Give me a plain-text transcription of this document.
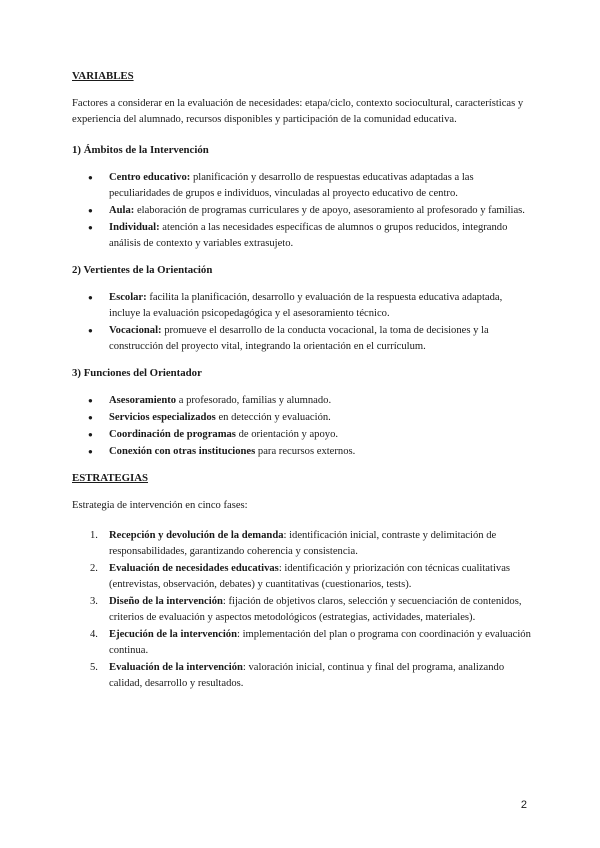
VARIABLES
Factores a considerar en la evaluación de necesidades: etapa/ciclo, contexto sociocultural, características y experiencia del alumnado, recursos disponibles y participación de la comunidad educativa.
1) Ámbitos de la Intervención
● Centro educativo: planificación y desarrollo de respuestas educativas adaptadas a las peculiaridades de grupos e individuos, vinculadas al proyecto educativo de centro.
● Aula: elaboración de programas curriculares y de apoyo, asesoramiento al profesorado y familias.
● Individual: atención a las necesidades específicas de alumnos o grupos reducidos, integrando análisis de contexto y variables extrasujeto.
2) Vertientes de la Orientación
● Escolar: facilita la planificación, desarrollo y evaluación de la respuesta educativa adaptada, incluye la evaluación psicopedagógica y el asesoramiento técnico.
● Vocacional: promueve el desarrollo de la conducta vocacional, la toma de decisiones y la construcción del proyecto vital, integrando la orientación en el currículum.
3) Funciones del Orientador
● Asesoramiento a profesorado, familias y alumnado.
● Servicios especializados en detección y evaluación.
● Coordinación de programas de orientación y apoyo.
● Conexión con otras instituciones para recursos externos.
ESTRATEGIAS
Estrategia de intervención en cinco fases:
1. Recepción y devolución de la demanda: identificación inicial, contraste y delimitación de responsabilidades, garantizando coherencia y consistencia.
2. Evaluación de necesidades educativas: identificación y priorización con técnicas cualitativas (entrevistas, observación, debates) y cuantitativas (cuestionarios, tests).
3. Diseño de la intervención: fijación de objetivos claros, selección y secuenciación de contenidos, criterios de evaluación y aspectos metodológicos (estrategias, actividades, materiales).
4. Ejecución de la intervención: implementación del plan o programa con coordinación y evaluación continua.
5. Evaluación de la intervención: valoración inicial, continua y final del programa, analizando calidad, desarrollo y resultados.
2
